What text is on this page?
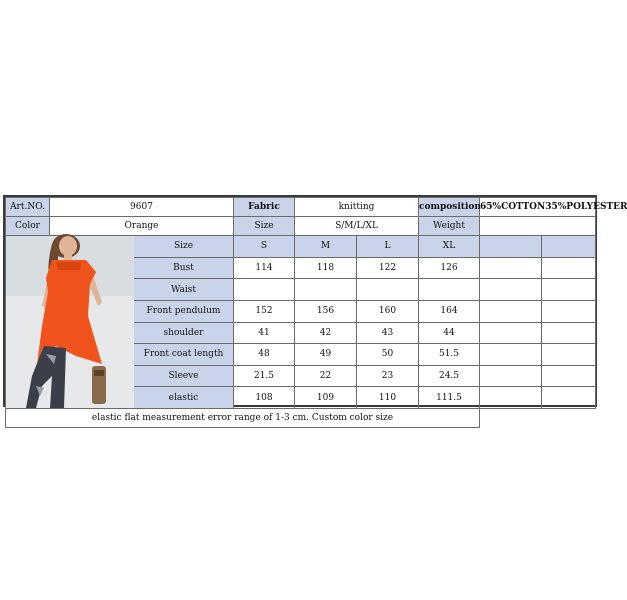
Art.NO.	9607		Fabric	knitting		composition	65%COTTON35%POLYESTER	
Color	Orange		Size	S/M/L/XL		Weight		

	Size	S	M	L	XL		
		Bust	114	118	122	126		
		Waist						
		Front pendulum	152	156	160	164		
		shoulder	41	42	43	44		
		Front coat length	48	49	50	51.5		
		Sleeve	21.5	22	23	24.5		
		elastic	108	109	110	111.5		
elastic flat measurement error range of 1-3 cm. Custom color size								
